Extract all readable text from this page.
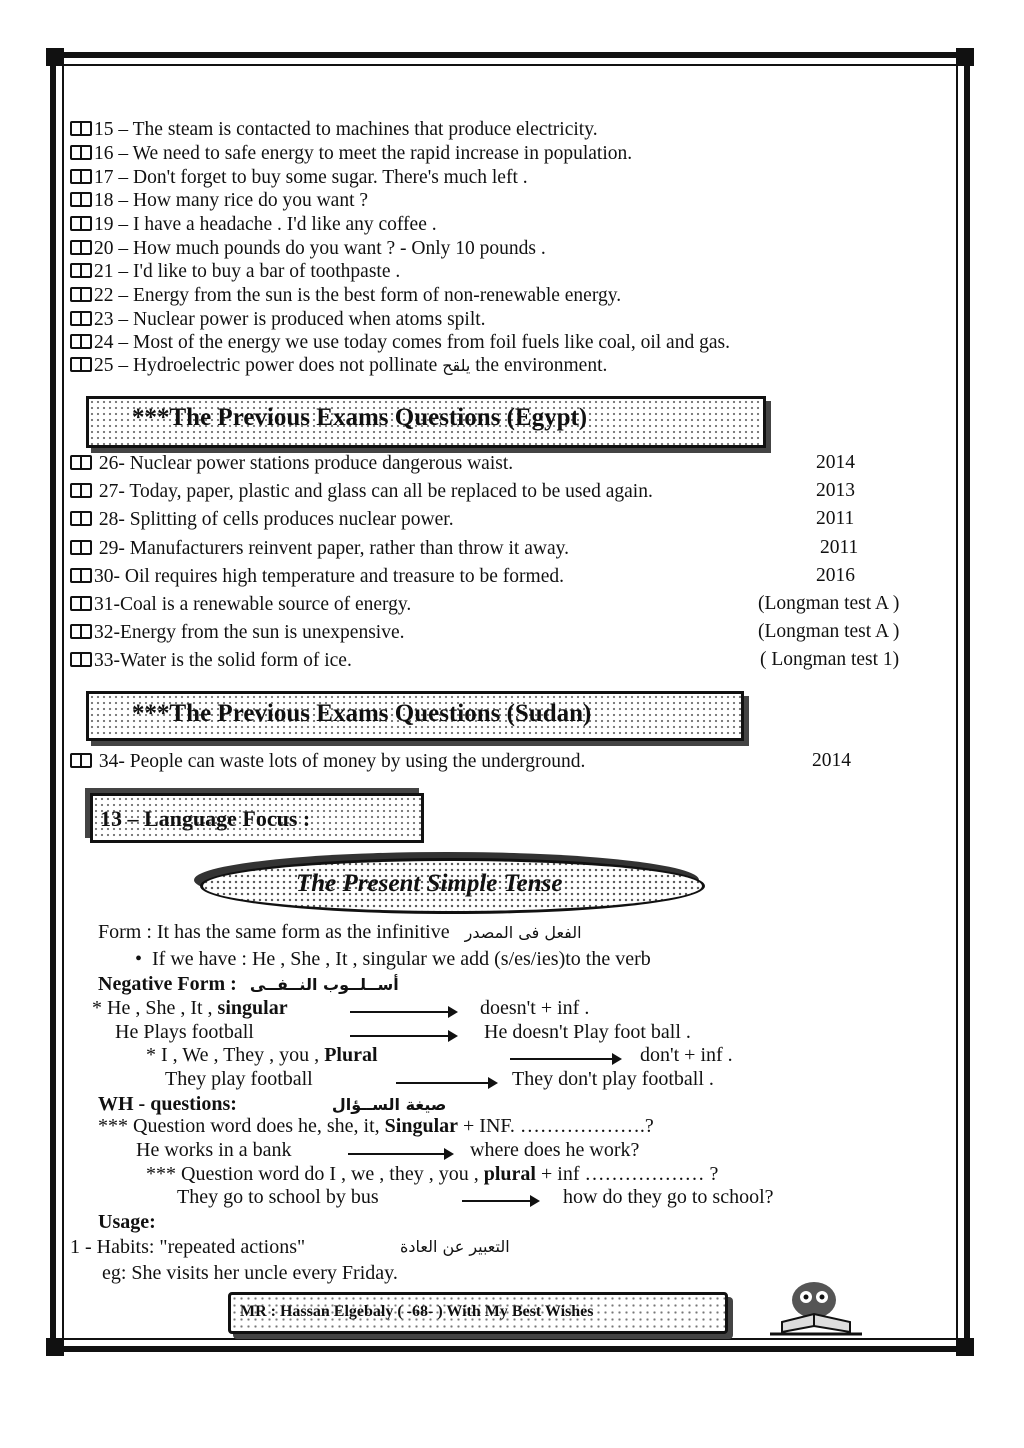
15 – The steam is contacted to machines that produce electricity.
16 – We need to safe energy to meet the rapid increase in population.
17 – Don't forget to buy some sugar. There's much left .
18 – How many rice do you want ?
19 – I have a headache . I'd like any coffee .
20 – How much pounds do you want ? - Only 10 pounds .
21 – I'd like to buy a bar of toothpaste .
22 – Energy from the sun is the best form of non-renewable energy.
23 – Nuclear power is produced when atoms spilt.
24 – Most of the energy we use today comes from foil fuels like coal, oil and gas.
25 – Hydroelectric power does not pollinate يلقح the environment.
***The Previous Exams Questions (Egypt)
26- Nuclear power stations produce dangerous waist.	2014
27- Today, paper, plastic and glass can all be replaced to be used again.	2013
28- Splitting of cells produces nuclear power.	2011
29- Manufacturers reinvent paper, rather than throw it away.	2011
30- Oil requires high temperature and treasure to be formed.	2016
31-Coal is a renewable source of energy.	(Longman test A )
32-Energy from the sun is unexpensive.	(Longman test A )
33-Water is the solid form of ice.	( Longman test 1)
***The Previous Exams Questions (Sudan)
34- People can waste lots of money by using the underground.	2014
13 – Language Focus :
The Present Simple Tense
Form : It has the same form as the infinitive الفعل فى المصدر
•  If we have : He , She , It , singular we add (s/es/ies)to the verb
Negative Form : أســلــوب النــفــى
* He , She , It , singular	doesn't + inf .
He Plays football	He doesn't Play foot ball .
* I , We , They , you , Plural	don't + inf .
They play football	They don't play football .
WH - questions:	صيغة الســؤال
*** Question word does he, she, it, Singular + INF. ……………….?
He works in a bank	where does he work?
*** Question word do I , we , they , you , plural + inf ……………… ?
They go to school by bus	how do they go to school?
Usage:
1 - Habits: "repeated actions"	التعبير عن العادة
eg: She visits her uncle every Friday.
MR : Hassan Elgebaly ( -68- ) With My Best Wishes
